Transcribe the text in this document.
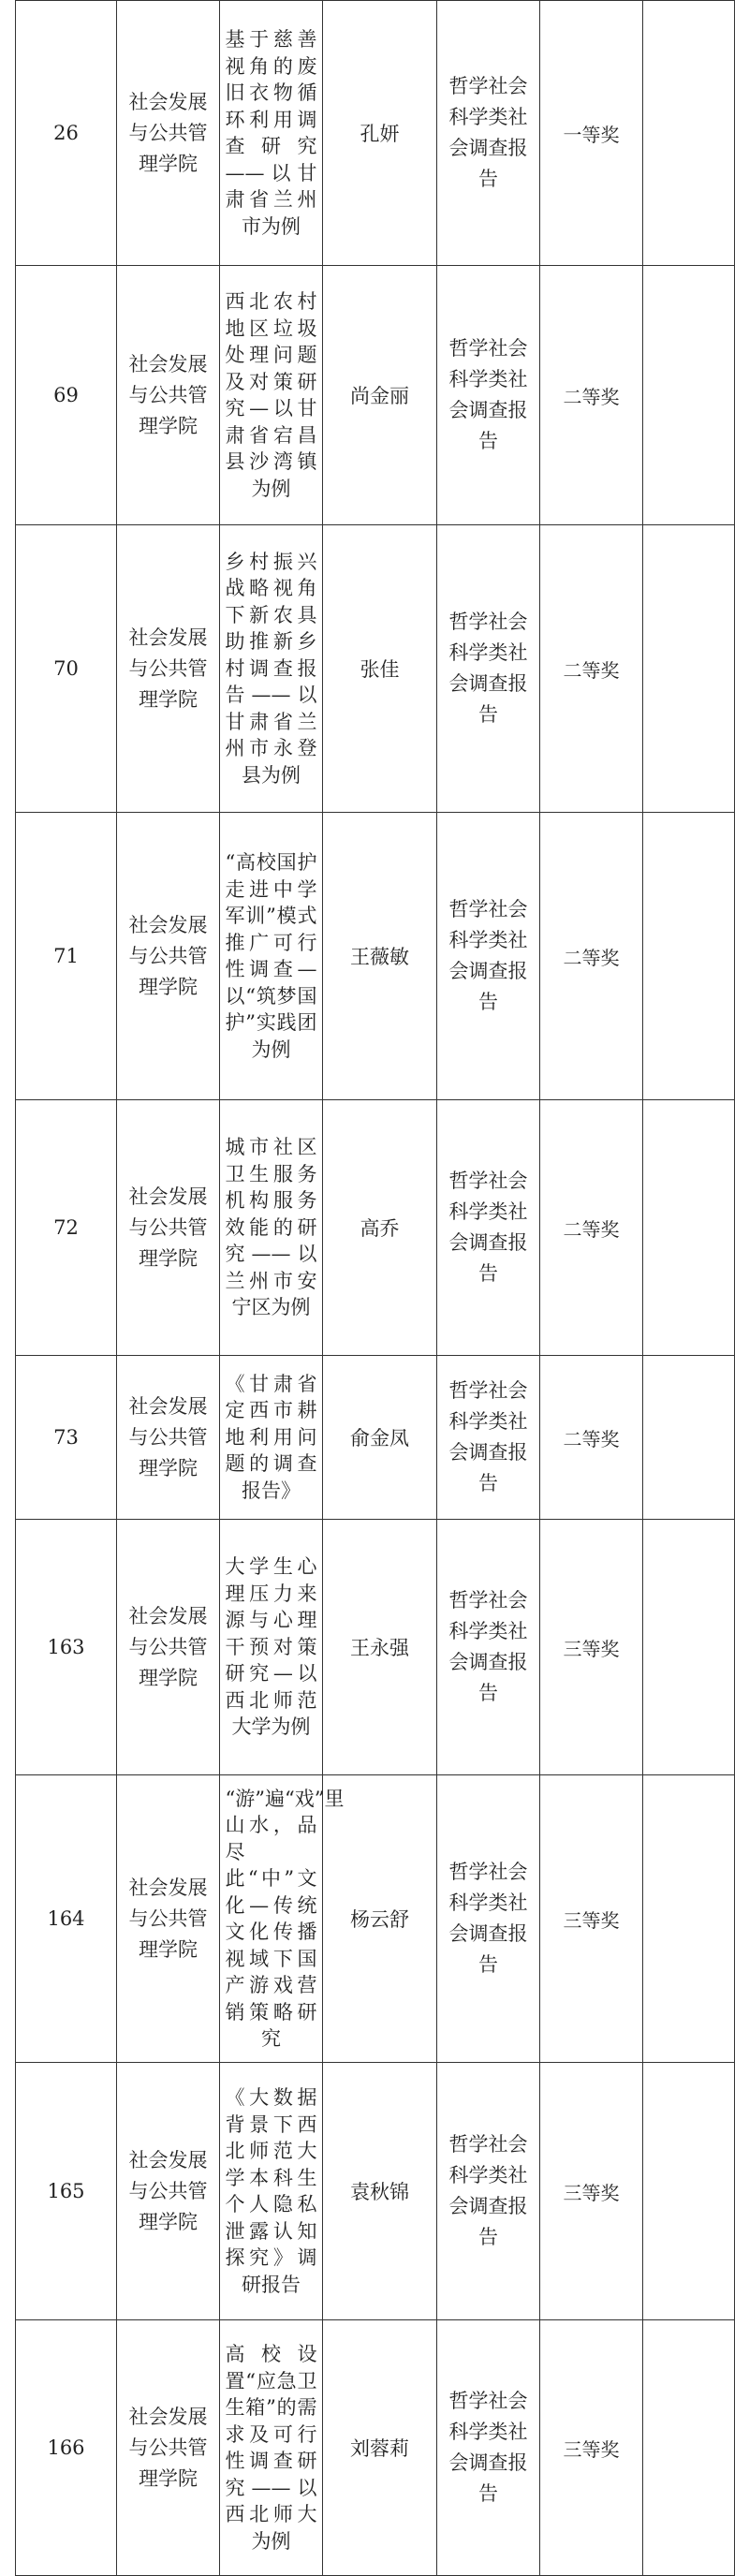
26	社会发展与公共管理学院	基于慈善视角的废旧衣物循环利用调查研究——以甘肃省兰州市为例	孔妍	哲学社会科学类社会调查报告	一等奖	
69	社会发展与公共管理学院	西北农村地区垃圾处理问题及对策研究—以甘肃省宕昌县沙湾镇为例	尚金丽	哲学社会科学类社会调查报告	二等奖	
70	社会发展与公共管理学院	乡村振兴战略视角下新农具助推新乡村调查报告——以甘肃省兰州市永登县为例	张佳	哲学社会科学类社会调查报告	二等奖	
71	社会发展与公共管理学院	“高校国护走进中学军训”模式推广可行性调查—以“筑梦国护”实践团为例	王薇敏	哲学社会科学类社会调查报告	二等奖	
72	社会发展与公共管理学院	城市社区卫生服务机构服务效能的研究——以兰州市安宁区为例	高乔	哲学社会科学类社会调查报告	二等奖	
73	社会发展与公共管理学院	《甘肃省定西市耕地利用问题的调查报告》	俞金凤	哲学社会科学类社会调查报告	二等奖	
163	社会发展与公共管理学院	大学生心理压力来源与心理干预对策研究—以西北师范大学为例	王永强	哲学社会科学类社会调查报告	三等奖	
164	社会发展与公共管理学院	“游”遍“戏”里山水，品尽此“中”文化—传统文化传播视域下国产游戏营销策略研究	杨云舒	哲学社会科学类社会调查报告	三等奖	
165	社会发展与公共管理学院	《大数据背景下西北师范大学本科生个人隐私泄露认知探究》调研报告	袁秋锦	哲学社会科学类社会调查报告	三等奖	
166	社会发展与公共管理学院	高校设置“应急卫生箱”的需求及可行性调查研究——以西北师大为例	刘蓉莉	哲学社会科学类社会调查报告	三等奖	
